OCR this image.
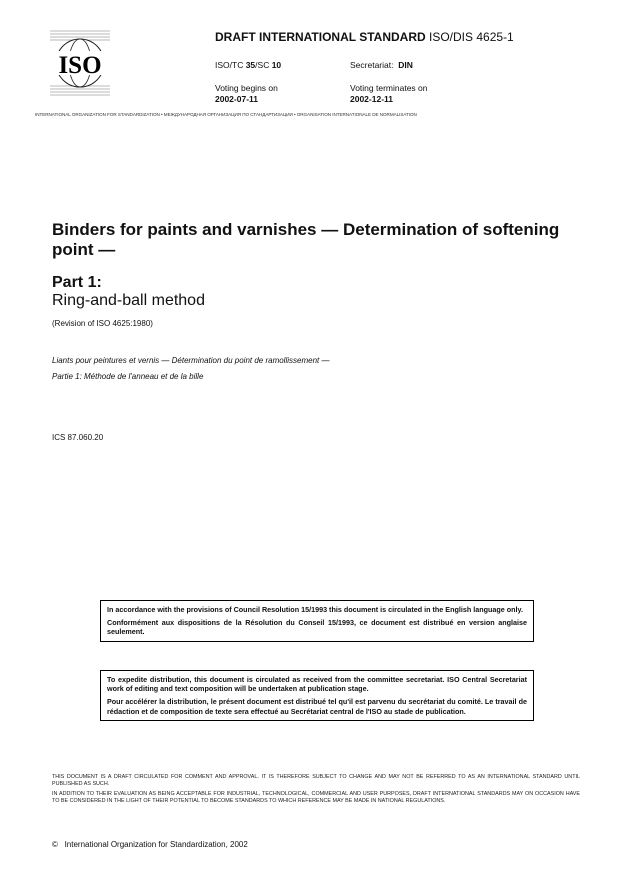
ISO
DRAFT INTERNATIONAL STANDARD ISO/DIS 4625-1
ISO/TC 35/SC 10	Secretariat: DIN
Voting begins on
2002-07-11
Voting terminates on
2002-12-11
INTERNATIONAL ORGANIZATION FOR STANDARDIZATION • МЕЖДУНАРОДНАЯ ОРГАНИЗАЦИЯ ПО СТАНДАРТИЗАЦИИ • ORGANISATION INTERNATIONALE DE NORMALISATION
Binders for paints and varnishes — Determination of softening point —
Part 1:
Ring-and-ball method
(Revision of ISO 4625:1980)
Liants pour peintures et vernis — Détermination du point de ramollissement —
Partie 1: Méthode de l'anneau et de la bille
ICS 87.060.20

In accordance with the provisions of Council Resolution 15/1993 this document is circulated in the English language only.

Conformément aux dispositions de la Résolution du Conseil 15/1993, ce document est distribué en version anglaise seulement.

To expedite distribution, this document is circulated as received from the committee secretariat. ISO Central Secretariat work of editing and text composition will be undertaken at publication stage.

Pour accélérer la distribution, le présent document est distribué tel qu'il est parvenu du secrétariat du comité. Le travail de rédaction et de composition de texte sera effectué au Secrétariat central de l'ISO au stade de publication.

THIS DOCUMENT IS A DRAFT CIRCULATED FOR COMMENT AND APPROVAL. IT IS THEREFORE SUBJECT TO CHANGE AND MAY NOT BE REFERRED TO AS AN INTERNATIONAL STANDARD UNTIL PUBLISHED AS SUCH.

IN ADDITION TO THEIR EVALUATION AS BEING ACCEPTABLE FOR INDUSTRIAL, TECHNOLOGICAL, COMMERCIAL AND USER PURPOSES, DRAFT INTERNATIONAL STANDARDS MAY ON OCCASION HAVE TO BE CONSIDERED IN THE LIGHT OF THEIR POTENTIAL TO BECOME STANDARDS TO WHICH REFERENCE MAY BE MADE IN NATIONAL REGULATIONS.

© International Organization for Standardization, 2002
